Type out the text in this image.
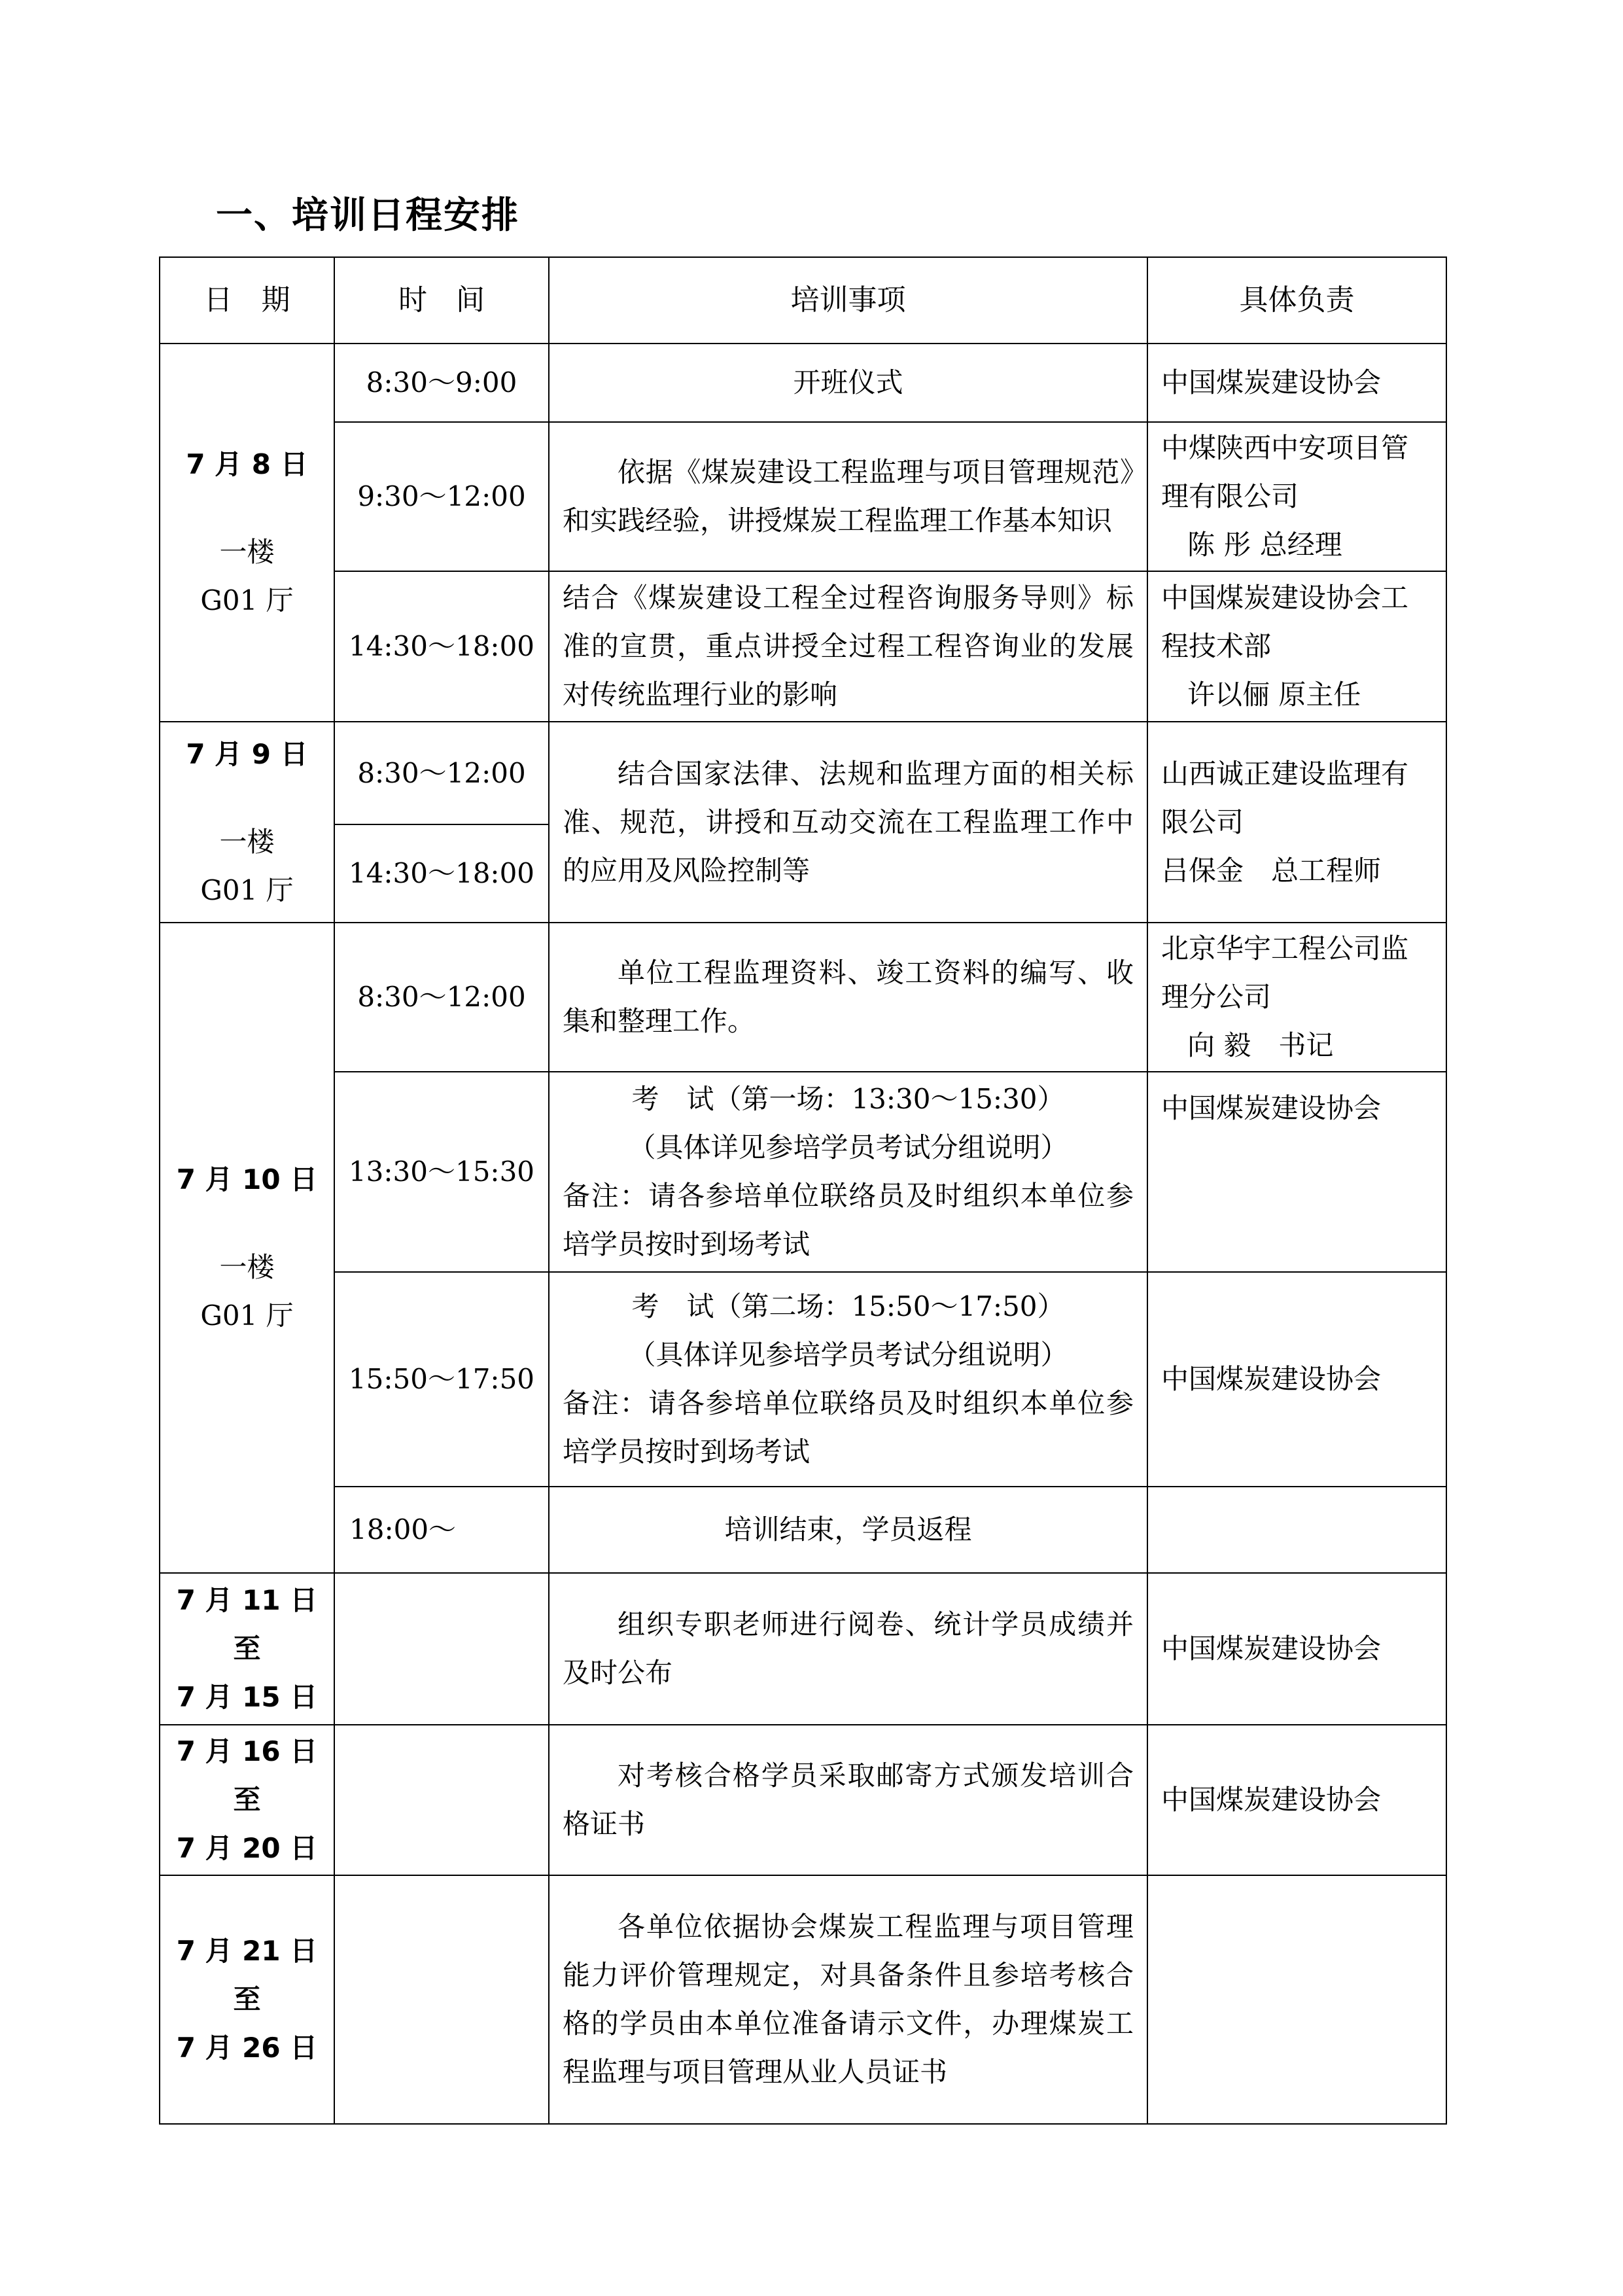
一、培训日程安排
日　期	时　间	培训事项	具体负责

7 月 8 日
一楼
G01 厅	8:30～9:00	开班仪式	中国煤炭建设协会
	9:30～12:00	依据《煤炭建设工程监理与项目管理规范》和实践经验，讲授煤炭工程监理工作基本知识	中煤陕西中安项目管理有限公司
陈 彤 总经理

	14:30～18:00	结合《煤炭建设工程全过程咨询服务导则》标准的宣贯，重点讲授全过程工程咨询业的发展对传统监理行业的影响	中国煤炭建设协会工程技术部
许以俪 原主任

7 月 9 日
一楼
G01 厅	8:30～12:00	结合国家法律、法规和监理方面的相关标准、规范，讲授和互动交流在工程监理工作中的应用及风险控制等	山西诚正建设监理有限公司
吕保金　总工程师

	14:30～18:00		

7 月 10 日
一楼
G01 厅	8:30～12:00	单位工程监理资料、竣工资料的编写、收集和整理工作。	北京华宇工程公司监理分公司
向 毅　书记

	13:30～15:30	考　试（第一场：13:30～15:30）
（具体详见参培学员考试分组说明）
备注：请各参培单位联络员及时组织本单位参培学员按时到场考试	中国煤炭建设协会
	15:50～17:50	考　试（第二场：15:50～17:50）
（具体详见参培学员考试分组说明）
备注：请各参培单位联络员及时组织本单位参培学员按时到场考试	中国煤炭建设协会
	18:00～	培训结束，学员返程	

7 月 11 日
至
7 月 15 日		组织专职老师进行阅卷、统计学员成绩并及时公布	中国煤炭建设协会

7 月 16 日
至
7 月 20 日		对考核合格学员采取邮寄方式颁发培训合格证书	中国煤炭建设协会

7 月 21 日
至
7 月 26 日		各单位依据协会煤炭工程监理与项目管理能力评价管理规定，对具备条件且参培考核合格的学员由本单位准备请示文件，办理煤炭工程监理与项目管理从业人员证书	
